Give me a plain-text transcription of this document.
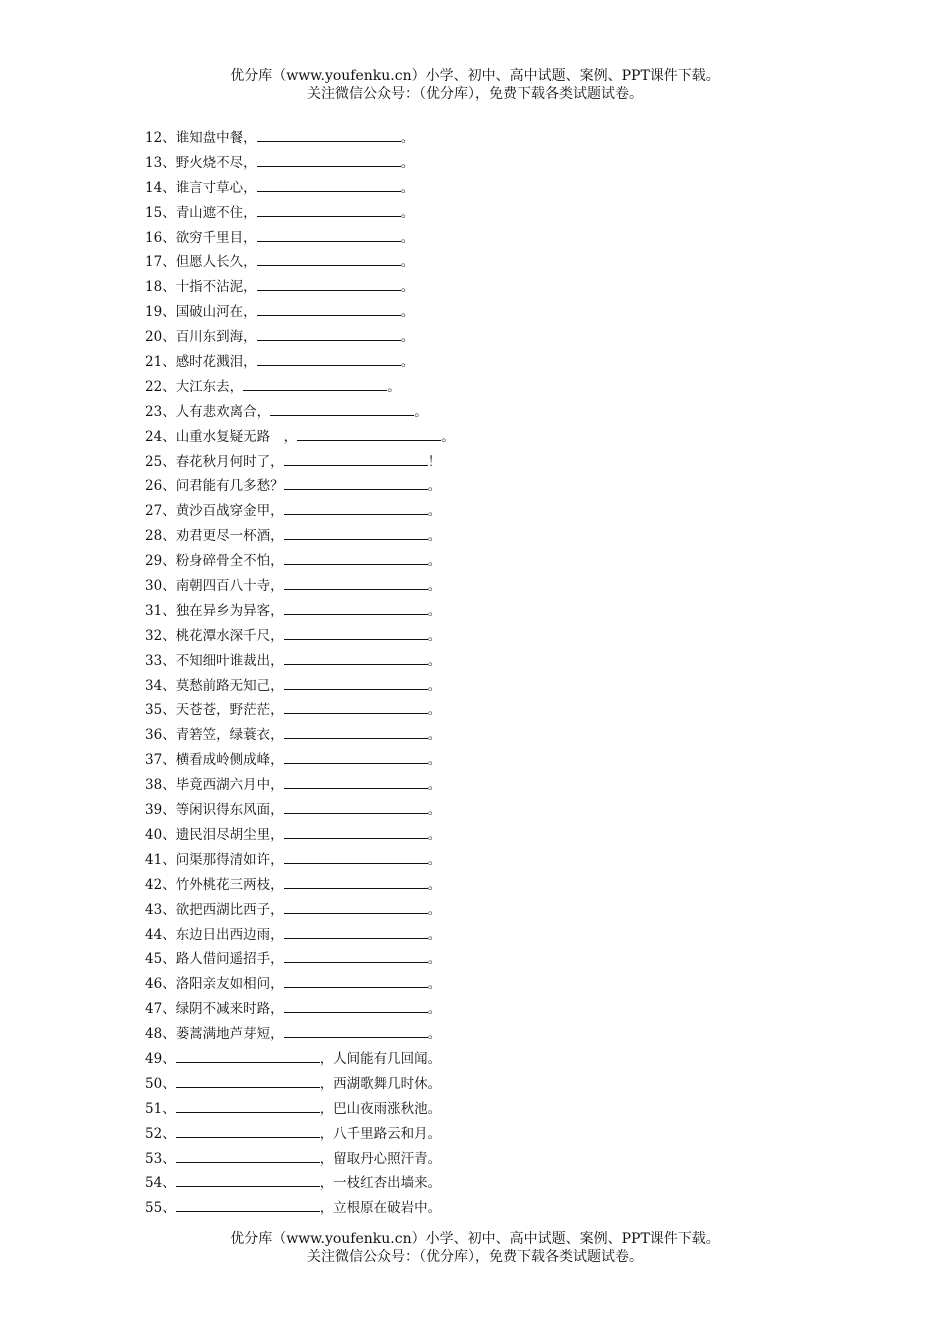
优分库（www.youfenku.cn）小学、初中、高中试题、案例、PPT课件下载。
关注微信公众号：（优分库），免费下载各类试题试卷。
12、谁知盘中餐，	。
13、野火烧不尽，	。
14、谁言寸草心，	。
15、青山遮不住，	。
16、欲穷千里目，	。
17、但愿人长久，	。
18、十指不沾泥，	。
19、国破山河在，	。
20、百川东到海，	。
21、感时花溅泪，	。
22、大江东去，	。
23、人有悲欢离合，	。
24、山重水复疑无路　，	。
25、春花秋月何时了，	！
26、问君能有几多愁？	。
27、黄沙百战穿金甲，	。
28、劝君更尽一杯酒，	。
29、粉身碎骨全不怕，	。
30、南朝四百八十寺，	。
31、独在异乡为异客，	。
32、桃花潭水深千尺，	。
33、不知细叶谁裁出，	。
34、莫愁前路无知己，	。
35、天苍苍，野茫茫，	。
36、青箬笠，绿蓑衣，	。
37、横看成岭侧成峰，	。
38、毕竟西湖六月中，	。
39、等闲识得东风面，	。
40、遗民泪尽胡尘里，	。
41、问渠那得清如许，	。
42、竹外桃花三两枝，	。
43、欲把西湖比西子，	。
44、东边日出西边雨，	。
45、路人借问遥招手，	。
46、洛阳亲友如相问，	。
47、绿阴不减来时路，	。
48、蒌蒿满地芦芽短，	。
49、	，人间能有几回闻。
50、	，西湖歌舞几时休。
51、	，巴山夜雨涨秋池。
52、	，八千里路云和月。
53、	，留取丹心照汗青。
54、	，一枝红杏出墙来。
55、	，立根原在破岩中。
优分库（www.youfenku.cn）小学、初中、高中试题、案例、PPT课件下载。
关注微信公众号：（优分库），免费下载各类试题试卷。
